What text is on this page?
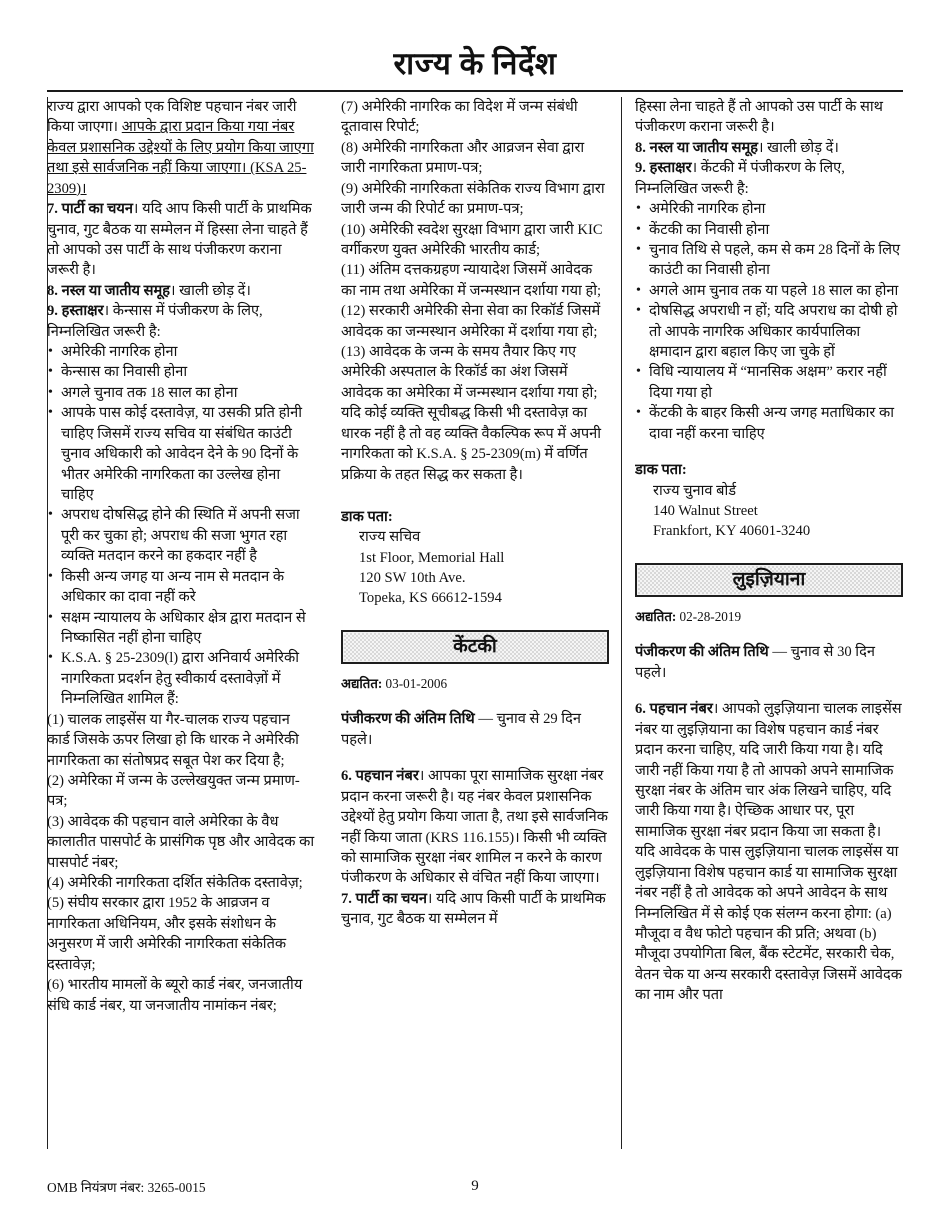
राज्य के निर्देश

राज्य द्वारा आपको एक विशिष्ट पहचान नंबर जारी किया जाएगा। आपके द्वारा प्रदान किया गया नंबर केवल प्रशासनिक उद्देश्यों के लिए प्रयोग किया जाएगा तथा इसे सार्वजनिक नहीं किया जाएगा। (KSA 25-2309)।

7. पार्टी का चयन। यदि आप किसी पार्टी के प्राथमिक चुनाव, गुट बैठक या सम्मेलन में हिस्सा लेना चाहते हैं तो आपको उस पार्टी के साथ पंजीकरण कराना जरूरी है।

8. नस्ल या जातीय समूह। खाली छोड़ दें।

9. हस्ताक्षर। केन्सास में पंजीकरण के लिए, निम्नलिखित जरूरी है:

• अमेरिकी नागरिक होना
• केन्सास का निवासी होना
• अगले चुनाव तक 18 साल का होना
• आपके पास कोई दस्तावेज़, या उसकी प्रति होनी चाहिए जिसमें राज्य सचिव या संबंधित काउंटी चुनाव अधिकारी को आवेदन देने के 90 दिनों के भीतर अमेरिकी नागरिकता का उल्लेख होना चाहिए
• अपराध दोषसिद्ध होने की स्थिति में अपनी सजा पूरी कर चुका हो; अपराध की सजा भुगत रहा व्यक्ति मतदान करने का हकदार नहीं है
• किसी अन्य जगह या अन्य नाम से मतदान के अधिकार का दावा नहीं करे
• सक्षम न्यायालय के अधिकार क्षेत्र द्वारा मतदान से निष्कासित नहीं होना चाहिए
• K.S.A. § 25-2309(l) द्वारा अनिवार्य अमेरिकी नागरिकता प्रदर्शन हेतु स्वीकार्य दस्तावेज़ों में निम्नलिखित शामिल हैं:

(1) चालक लाइसेंस या गैर-चालक राज्य पहचान कार्ड जिसके ऊपर लिखा हो कि धारक ने अमेरिकी नागरिकता का संतोषप्रद सबूत पेश कर दिया है;

(2) अमेरिका में जन्म के उल्लेखयुक्त जन्म प्रमाण-पत्र;

(3) आवेदक की पहचान वाले अमेरिका के वैध कालातीत पासपोर्ट के प्रासंगिक पृष्ठ और आवेदक का पासपोर्ट नंबर;

(4) अमेरिकी नागरिकता दर्शित संकेतिक दस्तावेज़;

(5) संघीय सरकार द्वारा 1952 के आव्रजन व नागरिकता अधिनियम, और इसके संशोधन के अनुसरण में जारी अमेरिकी नागरिकता संकेतिक दस्तावेज़;

(6) भारतीय मामलों के ब्यूरो कार्ड नंबर, जनजातीय संधि कार्ड नंबर, या जनजातीय नामांकन नंबर;

(7) अमेरिकी नागरिक का विदेश में जन्म संबंधी दूतावास रिपोर्ट;

(8) अमेरिकी नागरिकता और आव्रजन सेवा द्वारा जारी नागरिकता प्रमाण-पत्र;

(9) अमेरिकी नागरिकता संकेतिक राज्य विभाग द्वारा जारी जन्म की रिपोर्ट का प्रमाण-पत्र;

(10) अमेरिकी स्वदेश सुरक्षा विभाग द्वारा जारी KIC वर्गीकरण युक्त अमेरिकी भारतीय कार्ड;

(11) अंतिम दत्तकग्रहण न्यायादेश जिसमें आवेदक का नाम तथा अमेरिका में जन्मस्थान दर्शाया गया हो;

(12) सरकारी अमेरिकी सेना सेवा का रिकॉर्ड जिसमें आवेदक का जन्मस्थान अमेरिका में दर्शाया गया हो;

(13) आवेदक के जन्म के समय तैयार किए गए अमेरिकी अस्पताल के रिकॉर्ड का अंश जिसमें आवेदक का अमेरिका में जन्मस्थान दर्शाया गया हो;

यदि कोई व्यक्ति सूचीबद्ध किसी भी दस्तावेज़ का धारक नहीं है तो वह व्यक्ति वैकल्पिक रूप में अपनी नागरिकता को K.S.A. § 25-2309(m) में वर्णित प्रक्रिया के तहत सिद्ध कर सकता है।

डाक पता:

राज्य सचिव
1st Floor, Memorial Hall
120 SW 10th Ave.
Topeka, KS 66612-1594
केंटकी

अद्यतित: 03-01-2006

पंजीकरण की अंतिम तिथि — चुनाव से 29 दिन पहले।

6. पहचान नंबर। आपका पूरा सामाजिक सुरक्षा नंबर प्रदान करना जरूरी है। यह नंबर केवल प्रशासनिक उद्देश्यों हेतु प्रयोग किया जाता है, तथा इसे सार्वजनिक नहीं किया जाता (KRS 116.155)। किसी भी व्यक्ति को सामाजिक सुरक्षा नंबर शामिल न करने के कारण पंजीकरण के अधिकार से वंचित नहीं किया जाएगा।

7. पार्टी का चयन। यदि आप किसी पार्टी के प्राथमिक चुनाव, गुट बैठक या सम्मेलन में

हिस्सा लेना चाहते हैं तो आपको उस पार्टी के साथ पंजीकरण कराना जरूरी है।

8. नस्ल या जातीय समूह। खाली छोड़ दें।

9. हस्ताक्षर। केंटकी में पंजीकरण के लिए, निम्नलिखित जरूरी है:

• अमेरिकी नागरिक होना
• केंटकी का निवासी होना
• चुनाव तिथि से पहले, कम से कम 28 दिनों के लिए काउंटी का निवासी होना
• अगले आम चुनाव तक या पहले 18 साल का होना
• दोषसिद्ध अपराधी न हों; यदि अपराध का दोषी हो तो आपके नागरिक अधिकार कार्यपालिका क्षमादान द्वारा बहाल किए जा चुके हों
• विधि न्यायालय में “मानसिक अक्षम” करार नहीं दिया गया हो
• केंटकी के बाहर किसी अन्य जगह मताधिकार का दावा नहीं करना चाहिए

डाक पता:

राज्य चुनाव बोर्ड
140 Walnut Street
Frankfort, KY 40601-3240
लुइज़ियाना

अद्यतित: 02-28-2019

पंजीकरण की अंतिम तिथि — चुनाव से 30 दिन पहले।

6. पहचान नंबर। आपको लुइज़ियाना चालक लाइसेंस नंबर या लुइज़ियाना का विशेष पहचान कार्ड नंबर प्रदान करना चाहिए, यदि जारी किया गया है। यदि जारी नहीं किया गया है तो आपको अपने सामाजिक सुरक्षा नंबर के अंतिम चार अंक लिखने चाहिए, यदि जारी किया गया है। ऐच्छिक आधार पर, पूरा सामाजिक सुरक्षा नंबर प्रदान किया जा सकता है। यदि आवेदक के पास लुइज़ियाना चालक लाइसेंस या लुइज़ियाना विशेष पहचान कार्ड या सामाजिक सुरक्षा नंबर नहीं है तो आवेदक को अपने आवेदन के साथ निम्नलिखित में से कोई एक संलग्न करना होगा: (a) मौजूदा व वैध फोटो पहचान की प्रति; अथवा (b) मौजूदा उपयोगिता बिल, बैंक स्टेटमेंट, सरकारी चेक, वेतन चेक या अन्य सरकारी दस्तावेज़ जिसमें आवेदक का नाम और पता

OMB नियंत्रण नंबर: 3265-0015	9
